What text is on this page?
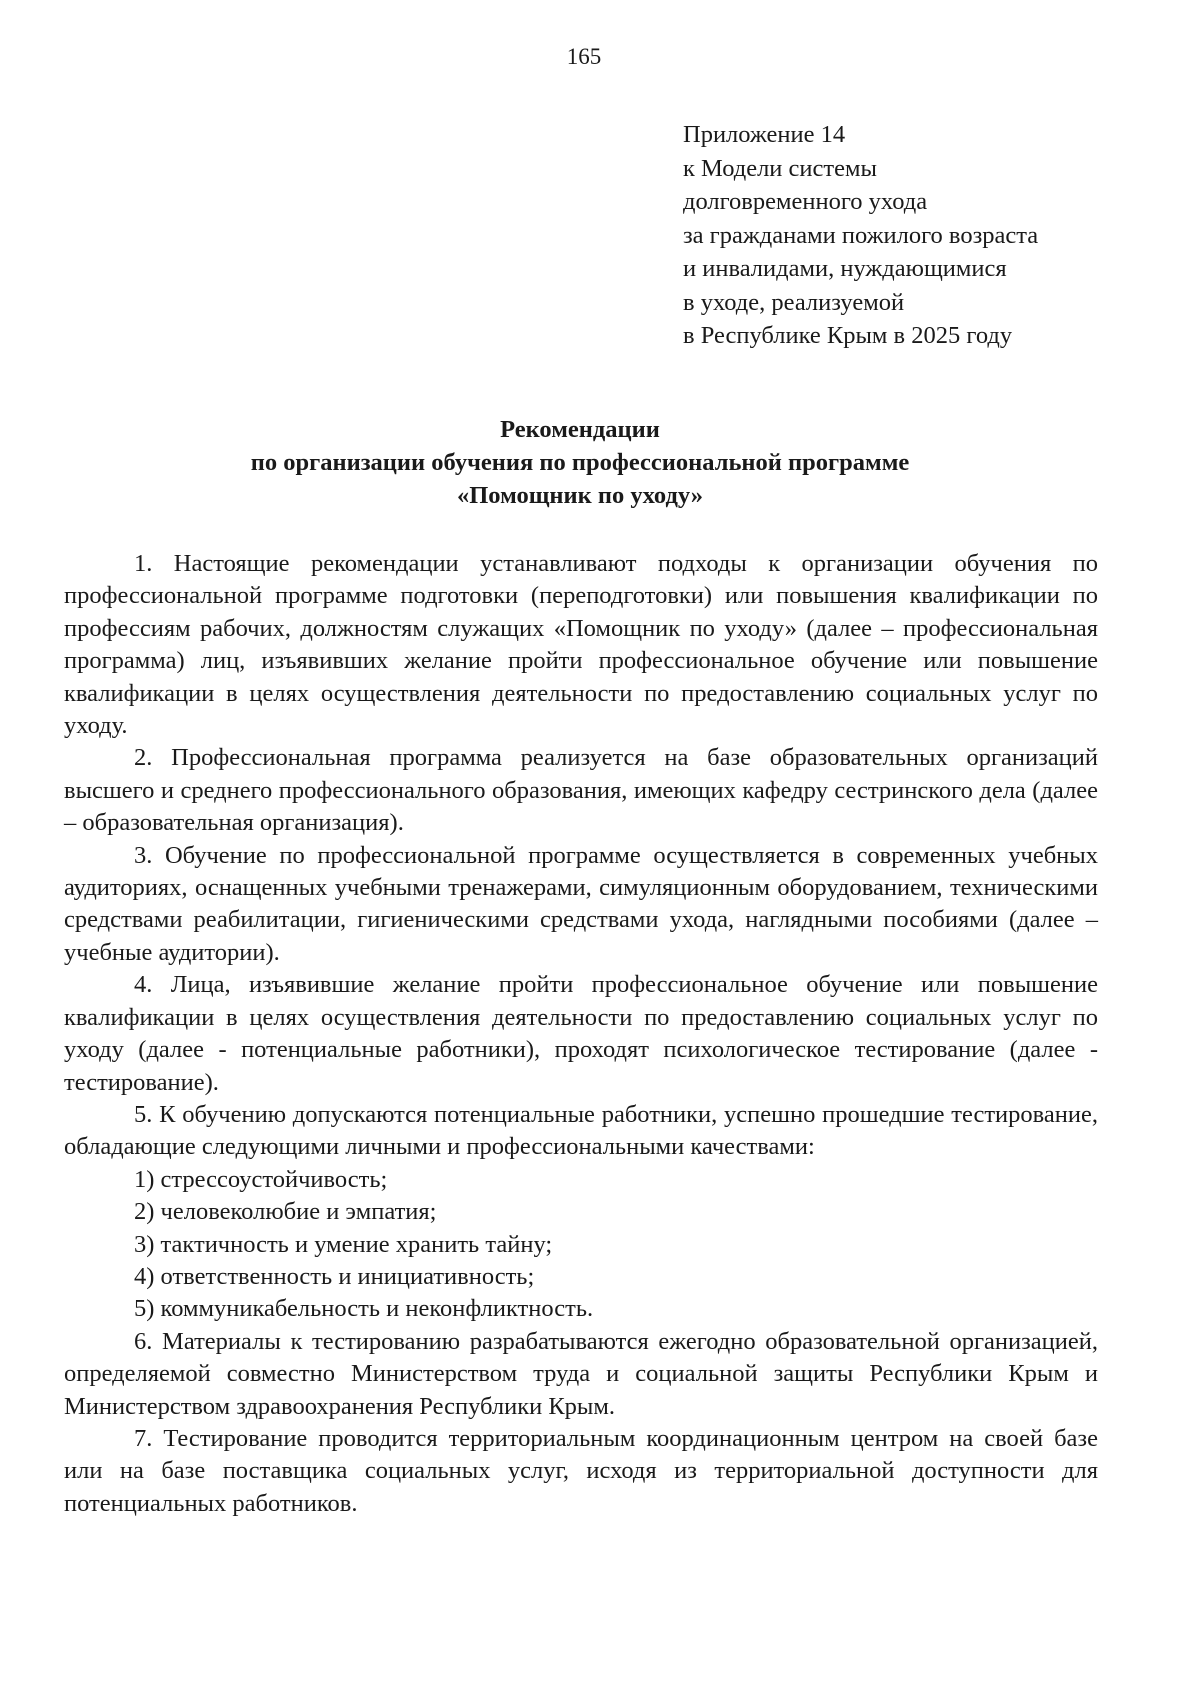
165
Приложение 14
к Модели системы
долговременного ухода
за гражданами пожилого возраста
и инвалидами, нуждающимися
в уходе, реализуемой
в Республике Крым в 2025 году
Рекомендации
по организации обучения по профессиональной программе
«Помощник по уходу»

1. Настоящие рекомендации устанавливают подходы к организации обучения по профессиональной программе подготовки (переподготовки) или повышения квалификации по профессиям рабочих, должностям служащих «Помощник по уходу» (далее – профессиональная программа) лиц, изъявивших желание пройти профессиональное обучение или повышение квалификации в целях осуществления деятельности по предоставлению социальных услуг по уходу.

2. Профессиональная программа реализуется на базе образовательных организаций высшего и среднего профессионального образования, имеющих кафедру сестринского дела (далее – образовательная организация).

3. Обучение по профессиональной программе осуществляется в современных учебных аудиториях, оснащенных учебными тренажерами, симуляционным оборудованием, техническими средствами реабилитации, гигиеническими средствами ухода, наглядными пособиями (далее – учебные аудитории).

4. Лица, изъявившие желание пройти профессиональное обучение или повышение квалификации в целях осуществления деятельности по предоставлению социальных услуг по уходу (далее - потенциальные работники), проходят психологическое тестирование (далее - тестирование).

5. К обучению допускаются потенциальные работники, успешно прошедшие тестирование, обладающие следующими личными и профессиональными качествами:

1) стрессоустойчивость;

2) человеколюбие и эмпатия;

3) тактичность и умение хранить тайну;

4) ответственность и инициативность;

5) коммуникабельность и неконфликтность.

6. Материалы к тестированию разрабатываются ежегодно образовательной организацией, определяемой совместно Министерством труда и социальной защиты Республики Крым и Министерством здравоохранения Республики Крым.

7. Тестирование проводится территориальным координационным центром на своей базе или на базе поставщика социальных услуг, исходя из территориальной доступности для потенциальных работников.
